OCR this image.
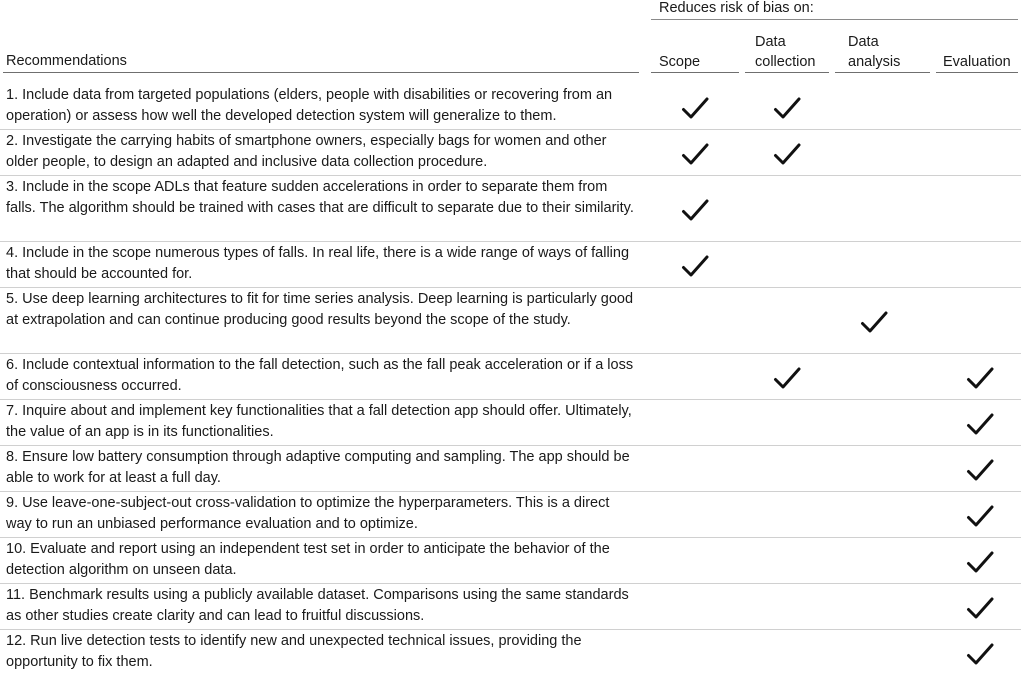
Reduces risk of bias on:
Recommendations	Scope
Data
collection
Data
analysis	Evaluation
1. Include data from targeted populations (elders, people with disabilities or recovering from an operation) or assess how well the developed detection system will generalize to them.
2. Investigate the carrying habits of smartphone owners, especially bags for women and other older people, to design an adapted and inclusive data collection procedure.
3. Include in the scope ADLs that feature sudden accelerations in order to separate them from falls. The algorithm should be trained with cases that are difficult to separate due to their similarity.
4. Include in the scope numerous types of falls. In real life, there is a wide range of ways of falling that should be accounted for.
5. Use deep learning architectures to fit for time series analysis. Deep learning is particularly good at extrapolation and can continue producing good results beyond the scope of the study.
6. Include contextual information to the fall detection, such as the fall peak acceleration or if a loss of consciousness occurred.
7. Inquire about and implement key functionalities that a fall detection app should offer. Ultimately, the value of an app is in its functionalities.
8. Ensure low battery consumption through adaptive computing and sampling. The app should be able to work for at least a full day.
9. Use leave-one-subject-out cross-validation to optimize the hyperparameters. This is a direct way to run an unbiased performance evaluation and to optimize.
10. Evaluate and report using an independent test set in order to anticipate the behavior of the detection algorithm on unseen data.
11. Benchmark results using a publicly available dataset. Comparisons using the same standards as other studies create clarity and can lead to fruitful discussions.
12. Run live detection tests to identify new and unexpected technical issues, providing the opportunity to fix them.
